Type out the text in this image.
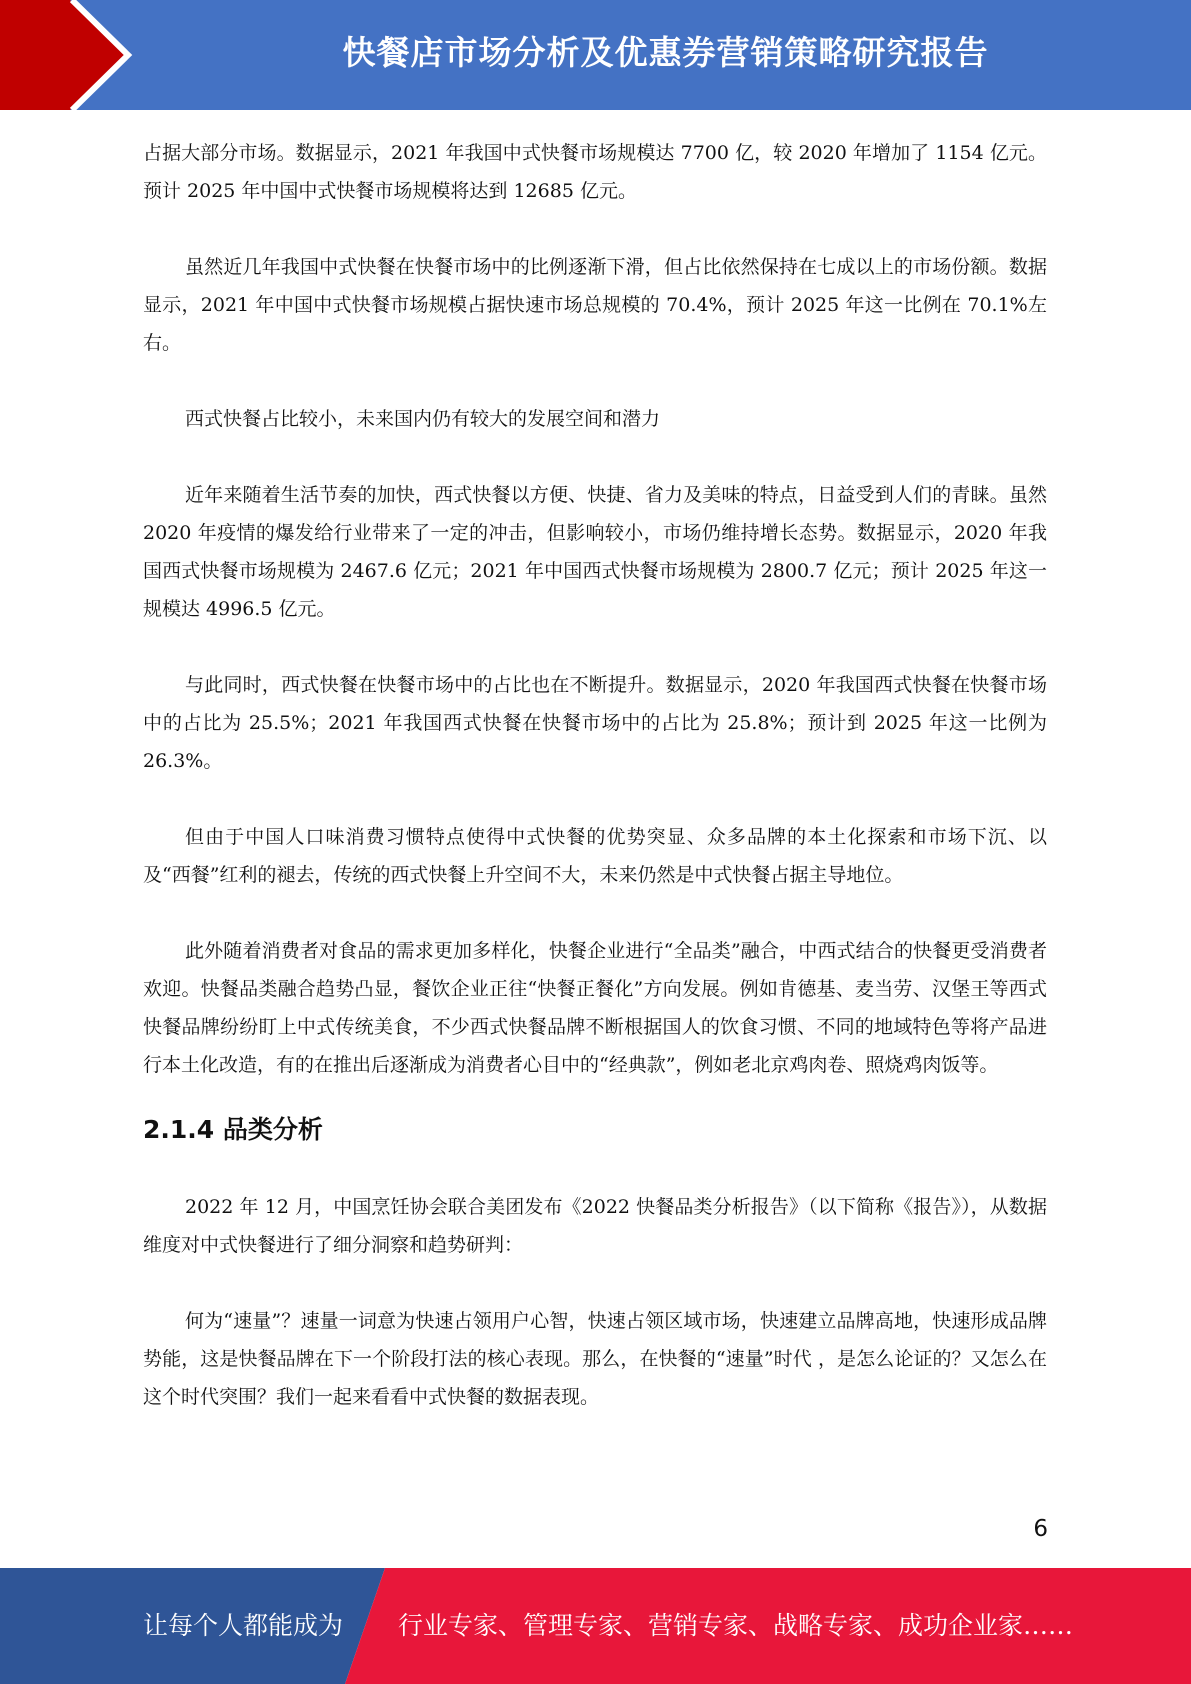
快餐店市场分析及优惠券营销策略研究报告

占据大部分市场。数据显示，2021 年我国中式快餐市场规模达 7700 亿，较 2020 年增加了 1154 亿元。预计 2025 年中国中式快餐市场规模将达到 12685 亿元。

虽然近几年我国中式快餐在快餐市场中的比例逐渐下滑，但占比依然保持在七成以上的市场份额。数据显示，2021 年中国中式快餐市场规模占据快速市场总规模的 70.4%，预计 2025 年这一比例在 70.1%左右。

西式快餐占比较小，未来国内仍有较大的发展空间和潜力

近年来随着生活节奏的加快，西式快餐以方便、快捷、省力及美味的特点，日益受到人们的青睐。虽然 2020 年疫情的爆发给行业带来了一定的冲击，但影响较小，市场仍维持增长态势。数据显示，2020 年我国西式快餐市场规模为 2467.6 亿元；2021 年中国西式快餐市场规模为 2800.7 亿元；预计 2025 年这一规模达 4996.5 亿元。

与此同时，西式快餐在快餐市场中的占比也在不断提升。数据显示，2020 年我国西式快餐在快餐市场中的占比为 25.5%；2021 年我国西式快餐在快餐市场中的占比为 25.8%；预计到 2025 年这一比例为 26.3%。

但由于中国人口味消费习惯特点使得中式快餐的优势突显、众多品牌的本土化探索和市场下沉、以及“西餐”红利的褪去，传统的西式快餐上升空间不大，未来仍然是中式快餐占据主导地位。

此外随着消费者对食品的需求更加多样化，快餐企业进行“全品类”融合，中西式结合的快餐更受消费者欢迎。快餐品类融合趋势凸显，餐饮企业正往“快餐正餐化”方向发展。例如肯德基、麦当劳、汉堡王等西式快餐品牌纷纷盯上中式传统美食，不少西式快餐品牌不断根据国人的饮食习惯、不同的地域特色等将产品进行本土化改造，有的在推出后逐渐成为消费者心目中的“经典款”，例如老北京鸡肉卷、照烧鸡肉饭等。

2.1.4 品类分析

2022 年 12 月，中国烹饪协会联合美团发布《2022 快餐品类分析报告》（以下简称《报告》），从数据维度对中式快餐进行了细分洞察和趋势研判：

何为“速量”？速量一词意为快速占领用户心智，快速占领区域市场，快速建立品牌高地，快速形成品牌势能，这是快餐品牌在下一个阶段打法的核心表现。那么，在快餐的“速量”时代 ，是怎么论证的？又怎么在这个时代突围？我们一起来看看中式快餐的数据表现。

6
让每个人都能成为 行业专家、管理专家、营销专家、战略专家、成功企业家……
